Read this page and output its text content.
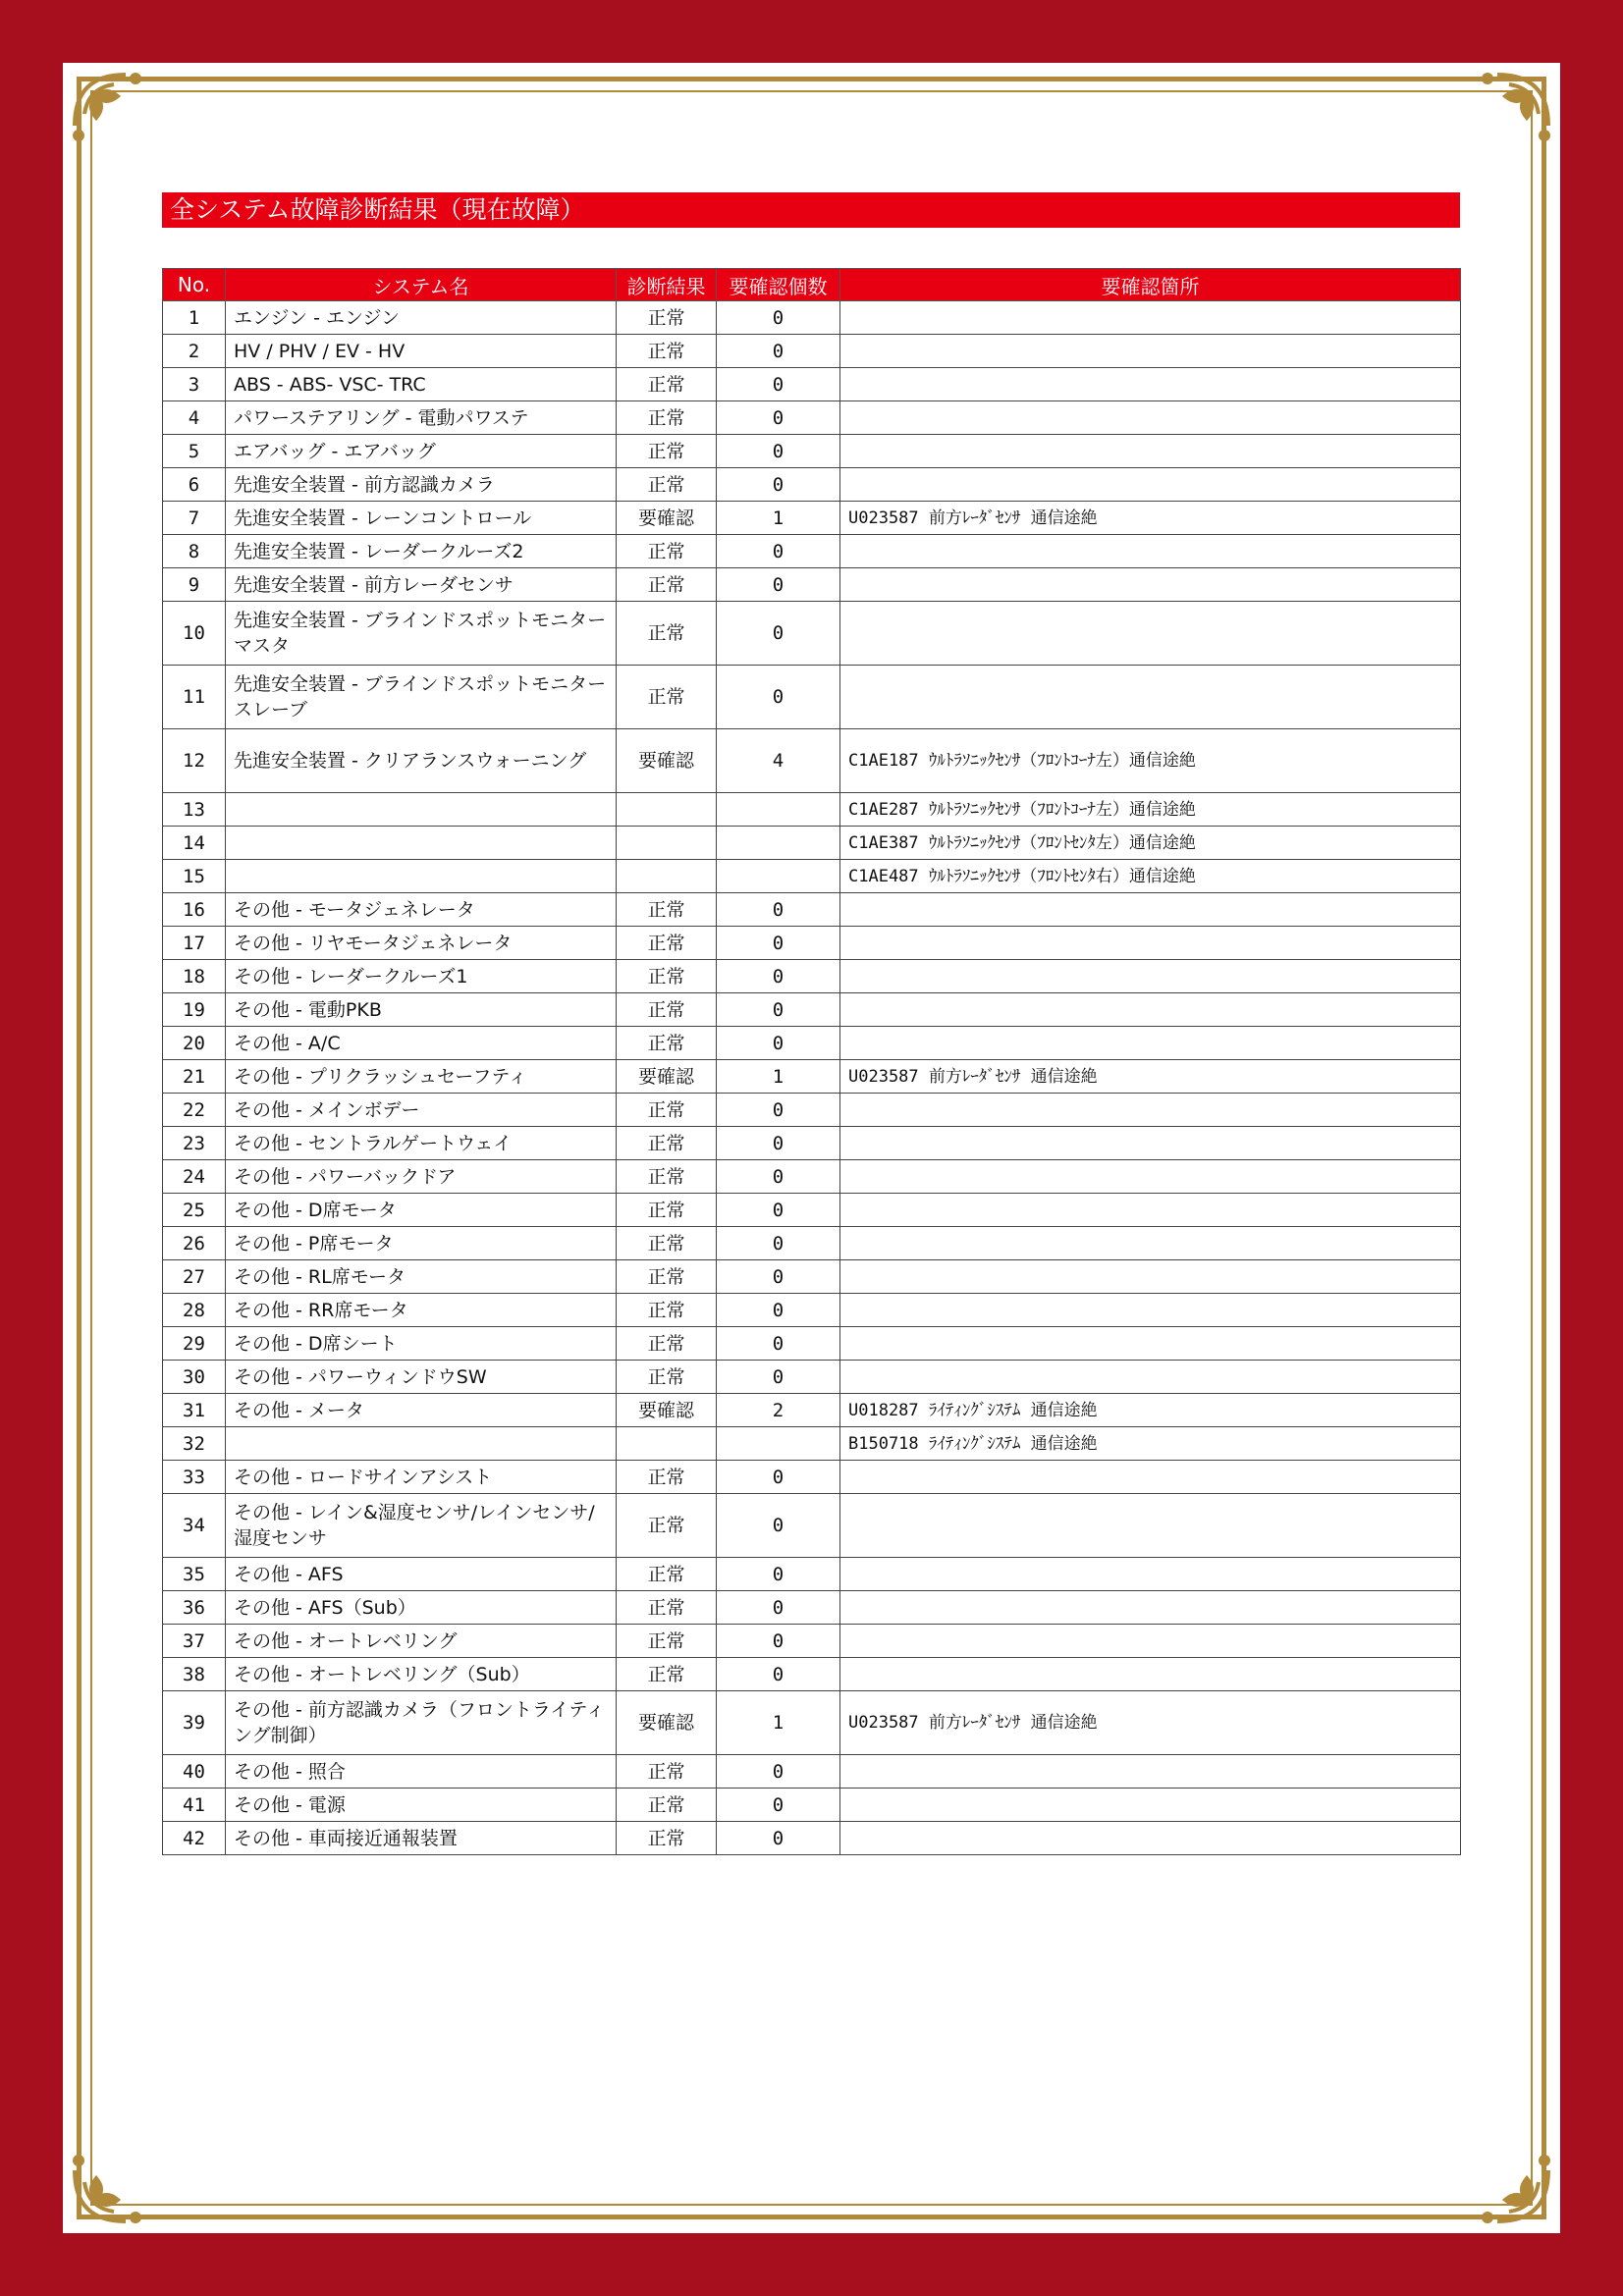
全システム故障診断結果（現在故障）
No.	システム名	診断結果	要確認個数	要確認箇所
1	エンジン - エンジン	正常	0	
2	HV / PHV / EV - HV	正常	0	
3	ABS - ABS- VSC- TRC	正常	0	
4	パワーステアリング - 電動パワステ	正常	0	
5	エアバッグ - エアバッグ	正常	0	
6	先進安全装置 - 前方認識カメラ	正常	0	
7	先進安全装置 - レーンコントロール	要確認	1	U023587 前方ﾚｰﾀﾞｾﾝｻ 通信途絶
8	先進安全装置 - レーダークルーズ2	正常	0	
9	先進安全装置 - 前方レーダセンサ	正常	0	
10	先進安全装置 - ブラインドスポットモニター マスタ	正常	0	
11	先進安全装置 - ブラインドスポットモニター スレーブ	正常	0	
12	先進安全装置 - クリアランスウォーニング	要確認	4	C1AE187 ｳﾙﾄﾗｿﾆｯｸｾﾝｻ（ﾌﾛﾝﾄｺｰﾅ左）通信途絶
13				C1AE287 ｳﾙﾄﾗｿﾆｯｸｾﾝｻ（ﾌﾛﾝﾄｺｰﾅ左）通信途絶
14				C1AE387 ｳﾙﾄﾗｿﾆｯｸｾﾝｻ（ﾌﾛﾝﾄｾﾝﾀ左）通信途絶
15				C1AE487 ｳﾙﾄﾗｿﾆｯｸｾﾝｻ（ﾌﾛﾝﾄｾﾝﾀ右）通信途絶
16	その他 - モータジェネレータ	正常	0	
17	その他 - リヤモータジェネレータ	正常	0	
18	その他 - レーダークルーズ1	正常	0	
19	その他 - 電動PKB	正常	0	
20	その他 - A/C	正常	0	
21	その他 - プリクラッシュセーフティ	要確認	1	U023587 前方ﾚｰﾀﾞｾﾝｻ 通信途絶
22	その他 - メインボデー	正常	0	
23	その他 - セントラルゲートウェイ	正常	0	
24	その他 - パワーバックドア	正常	0	
25	その他 - D席モータ	正常	0	
26	その他 - P席モータ	正常	0	
27	その他 - RL席モータ	正常	0	
28	その他 - RR席モータ	正常	0	
29	その他 - D席シート	正常	0	
30	その他 - パワーウィンドウSW	正常	0	
31	その他 - メータ	要確認	2	U018287 ﾗｲﾃｨﾝｸﾞｼｽﾃﾑ 通信途絶
32				B150718 ﾗｲﾃｨﾝｸﾞｼｽﾃﾑ 通信途絶
33	その他 - ロードサインアシスト	正常	0	
34	その他 - レイン&湿度センサ/レインセンサ/湿度センサ	正常	0	
35	その他 - AFS	正常	0	
36	その他 - AFS（Sub）	正常	0	
37	その他 - オートレベリング	正常	0	
38	その他 - オートレベリング（Sub）	正常	0	
39	その他 - 前方認識カメラ（フロントライティング制御）	要確認	1	U023587 前方ﾚｰﾀﾞｾﾝｻ 通信途絶
40	その他 - 照合	正常	0	
41	その他 - 電源	正常	0	
42	その他 - 車両接近通報装置	正常	0	
